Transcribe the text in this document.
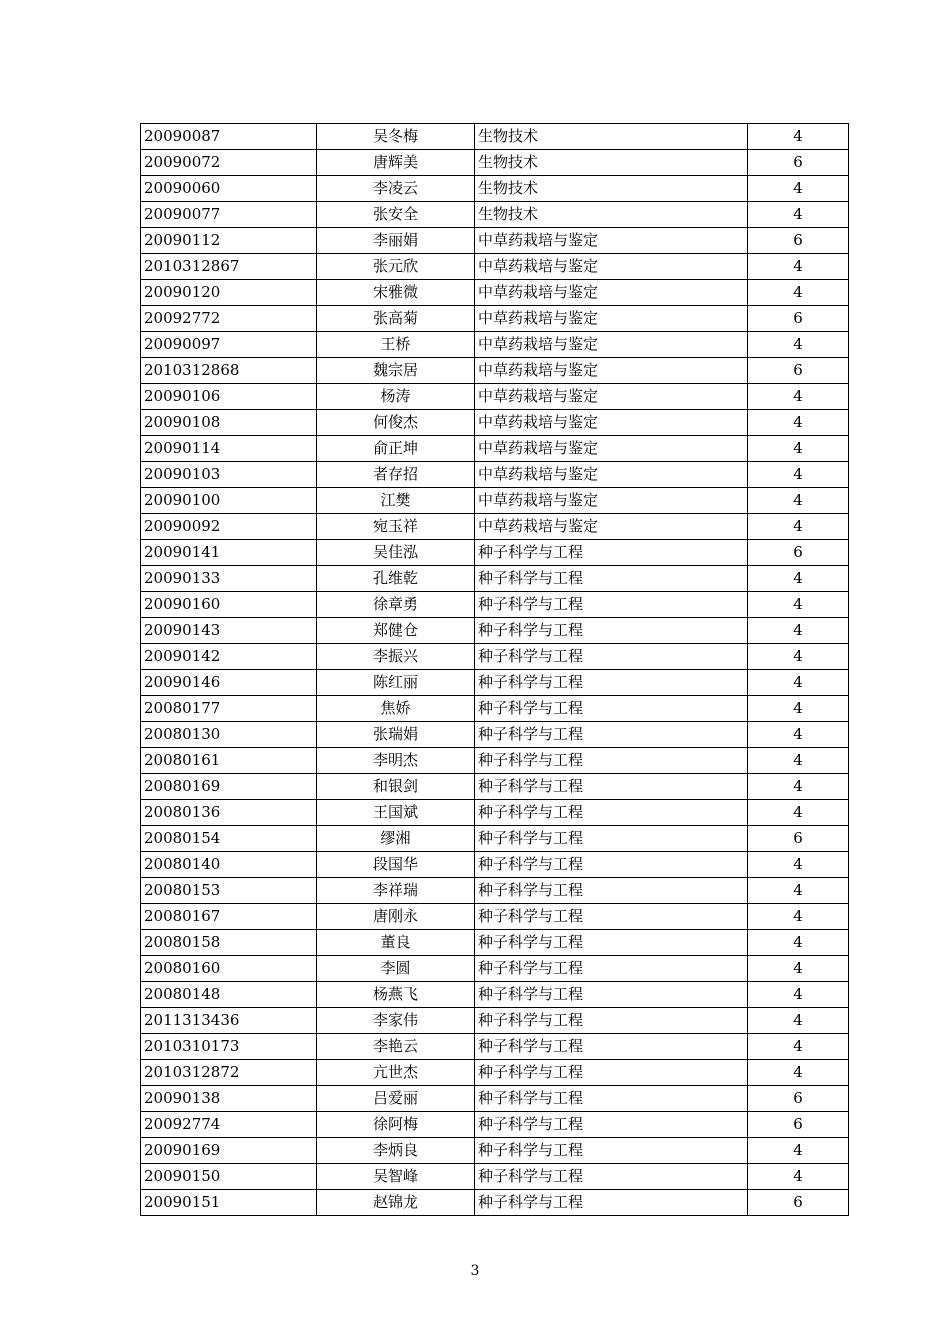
20090087	吴冬梅	生物技术	4
20090072	唐辉美	生物技术	6
20090060	李凌云	生物技术	4
20090077	张安全	生物技术	4
20090112	李丽娟	中草药栽培与鉴定	6
2010312867	张元欣	中草药栽培与鉴定	4
20090120	宋雅微	中草药栽培与鉴定	4
20092772	张高菊	中草药栽培与鉴定	6
20090097	王桥	中草药栽培与鉴定	4
2010312868	魏宗居	中草药栽培与鉴定	6
20090106	杨涛	中草药栽培与鉴定	4
20090108	何俊杰	中草药栽培与鉴定	4
20090114	俞正坤	中草药栽培与鉴定	4
20090103	者存招	中草药栽培与鉴定	4
20090100	江樊	中草药栽培与鉴定	4
20090092	宛玉祥	中草药栽培与鉴定	4
20090141	吴佳泓	种子科学与工程	6
20090133	孔维乾	种子科学与工程	4
20090160	徐章勇	种子科学与工程	4
20090143	郑健仓	种子科学与工程	4
20090142	李振兴	种子科学与工程	4
20090146	陈红丽	种子科学与工程	4
20080177	焦娇	种子科学与工程	4
20080130	张瑞娟	种子科学与工程	4
20080161	李明杰	种子科学与工程	4
20080169	和银剑	种子科学与工程	4
20080136	王国斌	种子科学与工程	4
20080154	缪湘	种子科学与工程	6
20080140	段国华	种子科学与工程	4
20080153	李祥瑞	种子科学与工程	4
20080167	唐刚永	种子科学与工程	4
20080158	董良	种子科学与工程	4
20080160	李圆	种子科学与工程	4
20080148	杨燕飞	种子科学与工程	4
2011313436	李家伟	种子科学与工程	4
2010310173	李艳云	种子科学与工程	4
2010312872	亢世杰	种子科学与工程	4
20090138	吕爱丽	种子科学与工程	6
20092774	徐阿梅	种子科学与工程	6
20090169	李炳良	种子科学与工程	4
20090150	吴智峰	种子科学与工程	4
20090151	赵锦龙	种子科学与工程	6
3
